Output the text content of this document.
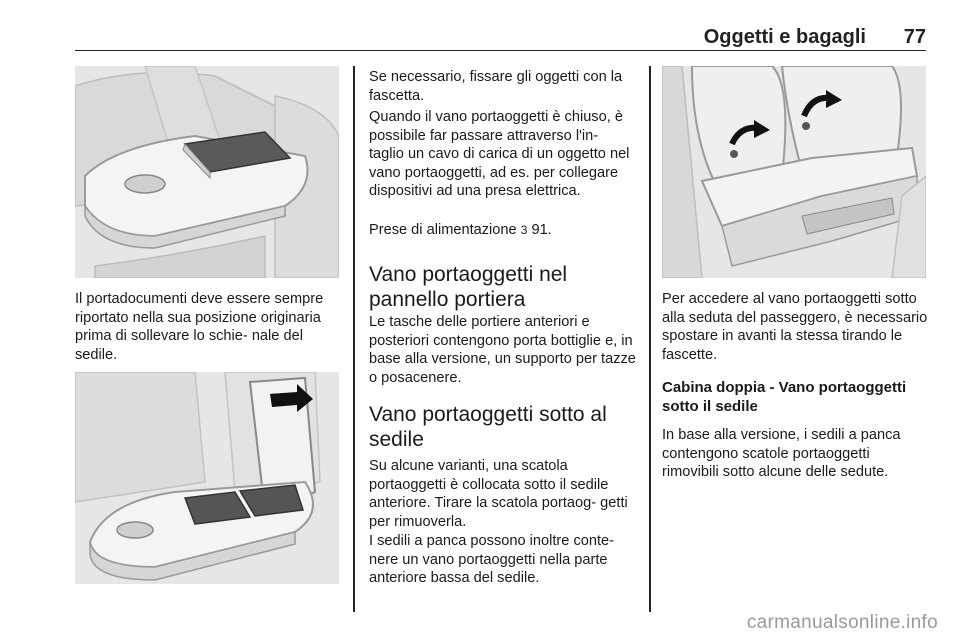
Oggetti e bagagli 77

Il portadocumenti deve essere sempre riportato nella sua posizione originaria prima di sollevare lo schie- nale del sedile.

Se necessario, fissare gli oggetti con la fascetta.

Quando il vano portaoggetti è chiuso, è possibile far passare attraverso l'in- taglio un cavo di carica di un oggetto nel vano portaoggetti, ad es. per collegare dispositivi ad una presa elettrica.

Prese di alimentazione 3 91.

Vano portaoggetti nel pannello portiera

Le tasche delle portiere anteriori e posteriori contengono porta bottiglie e, in base alla versione, un supporto per tazze o posacenere.

Vano portaoggetti sotto al sedile

Su alcune varianti, una scatola portaoggetti è collocata sotto il sedile anteriore. Tirare la scatola portaog- getti per rimuoverla.

I sedili a panca possono inoltre conte- nere un vano portaoggetti nella parte anteriore bassa del sedile.

Per accedere al vano portaoggetti sotto alla seduta del passeggero, è necessario spostare in avanti la stessa tirando le fascette.

Cabina doppia - Vano portaoggetti sotto il sedile

In base alla versione, i sedili a panca contengono scatole portaoggetti rimovibili sotto alcune delle sedute.

carmanualsonline.info
